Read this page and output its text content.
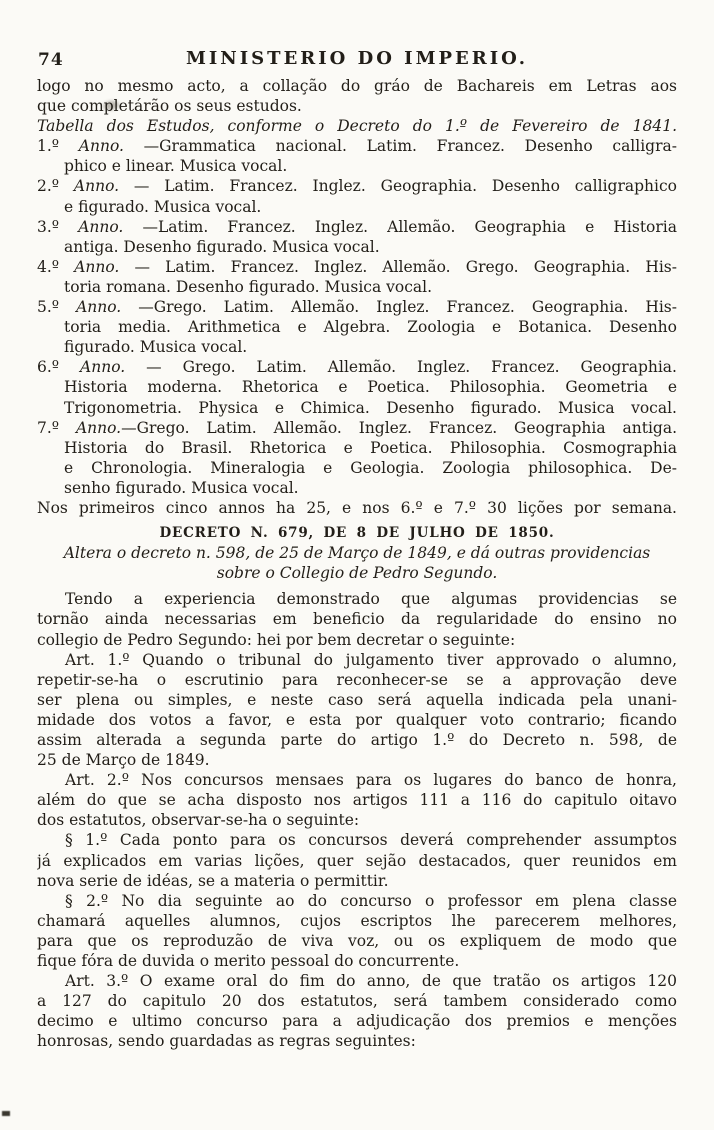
74	MINISTERIO DO IMPERIO.
logo no mesmo acto, a collação do gráo de Bachareis em Letras aos
que completárão os seus estudos.
Tabella dos Estudos, conforme o Decreto do 1.º de Fevereiro de 1841.
1.º Anno. —Grammatica nacional. Latim. Francez. Desenho calligra-
phico e linear. Musica vocal.
2.º Anno. — Latim. Francez. Inglez. Geographia. Desenho calligraphico
e figurado. Musica vocal.
3.º Anno. —Latim. Francez. Inglez. Allemão. Geographia e Historia
antiga. Desenho figurado. Musica vocal.
4.º Anno. — Latim. Francez. Inglez. Allemão. Grego. Geographia. His-
toria romana. Desenho figurado. Musica vocal.
5.º Anno. —Grego. Latim. Allemão. Inglez. Francez. Geographia. His-
toria media. Arithmetica e Algebra. Zoologia e Botanica. Desenho
figurado. Musica vocal.
6.º Anno. — Grego. Latim. Allemão. Inglez. Francez. Geographia.
Historia moderna. Rhetorica e Poetica. Philosophia. Geometria e
Trigonometria. Physica e Chimica. Desenho figurado. Musica vocal.
7.º Anno.—Grego. Latim. Allemão. Inglez. Francez. Geographia antiga.
Historia do Brasil. Rhetorica e Poetica. Philosophia. Cosmographia
e Chronologia. Mineralogia e Geologia. Zoologia philosophica. De-
senho figurado. Musica vocal.
Nos primeiros cinco annos ha 25, e nos 6.º e 7.º 30 lições por semana.
DECRETO N. 679, DE 8 DE JULHO DE 1850.
Altera o decreto n. 598, de 25 de Março de 1849, e dá outras providencias
sobre o Collegio de Pedro Segundo.
Tendo a experiencia demonstrado que algumas providencias se
tornão ainda necessarias em beneficio da regularidade do ensino no
collegio de Pedro Segundo: hei por bem decretar o seguinte:
Art. 1.º Quando o tribunal do julgamento tiver approvado o alumno,
repetir-se-ha o escrutinio para reconhecer-se se a approvação deve
ser plena ou simples, e neste caso será aquella indicada pela unani-
midade dos votos a favor, e esta por qualquer voto contrario; ficando
assim alterada a segunda parte do artigo 1.º do Decreto n. 598, de
25 de Março de 1849.
Art. 2.º Nos concursos mensaes para os lugares do banco de honra,
além do que se acha disposto nos artigos 111 a 116 do capitulo oitavo
dos estatutos, observar-se-ha o seguinte:
§ 1.º Cada ponto para os concursos deverá comprehender assumptos
já explicados em varias lições, quer sejão destacados, quer reunidos em
nova serie de idéas, se a materia o permittir.
§ 2.º No dia seguinte ao do concurso o professor em plena classe
chamará aquelles alumnos, cujos escriptos lhe parecerem melhores,
para que os reproduzão de viva voz, ou os expliquem de modo que
fique fóra de duvida o merito pessoal do concurrente.
Art. 3.º O exame oral do fim do anno, de que tratão os artigos 120
a 127 do capitulo 20 dos estatutos, será tambem considerado como
decimo e ultimo concurso para a adjudicação dos premios e menções
honrosas, sendo guardadas as regras seguintes:
